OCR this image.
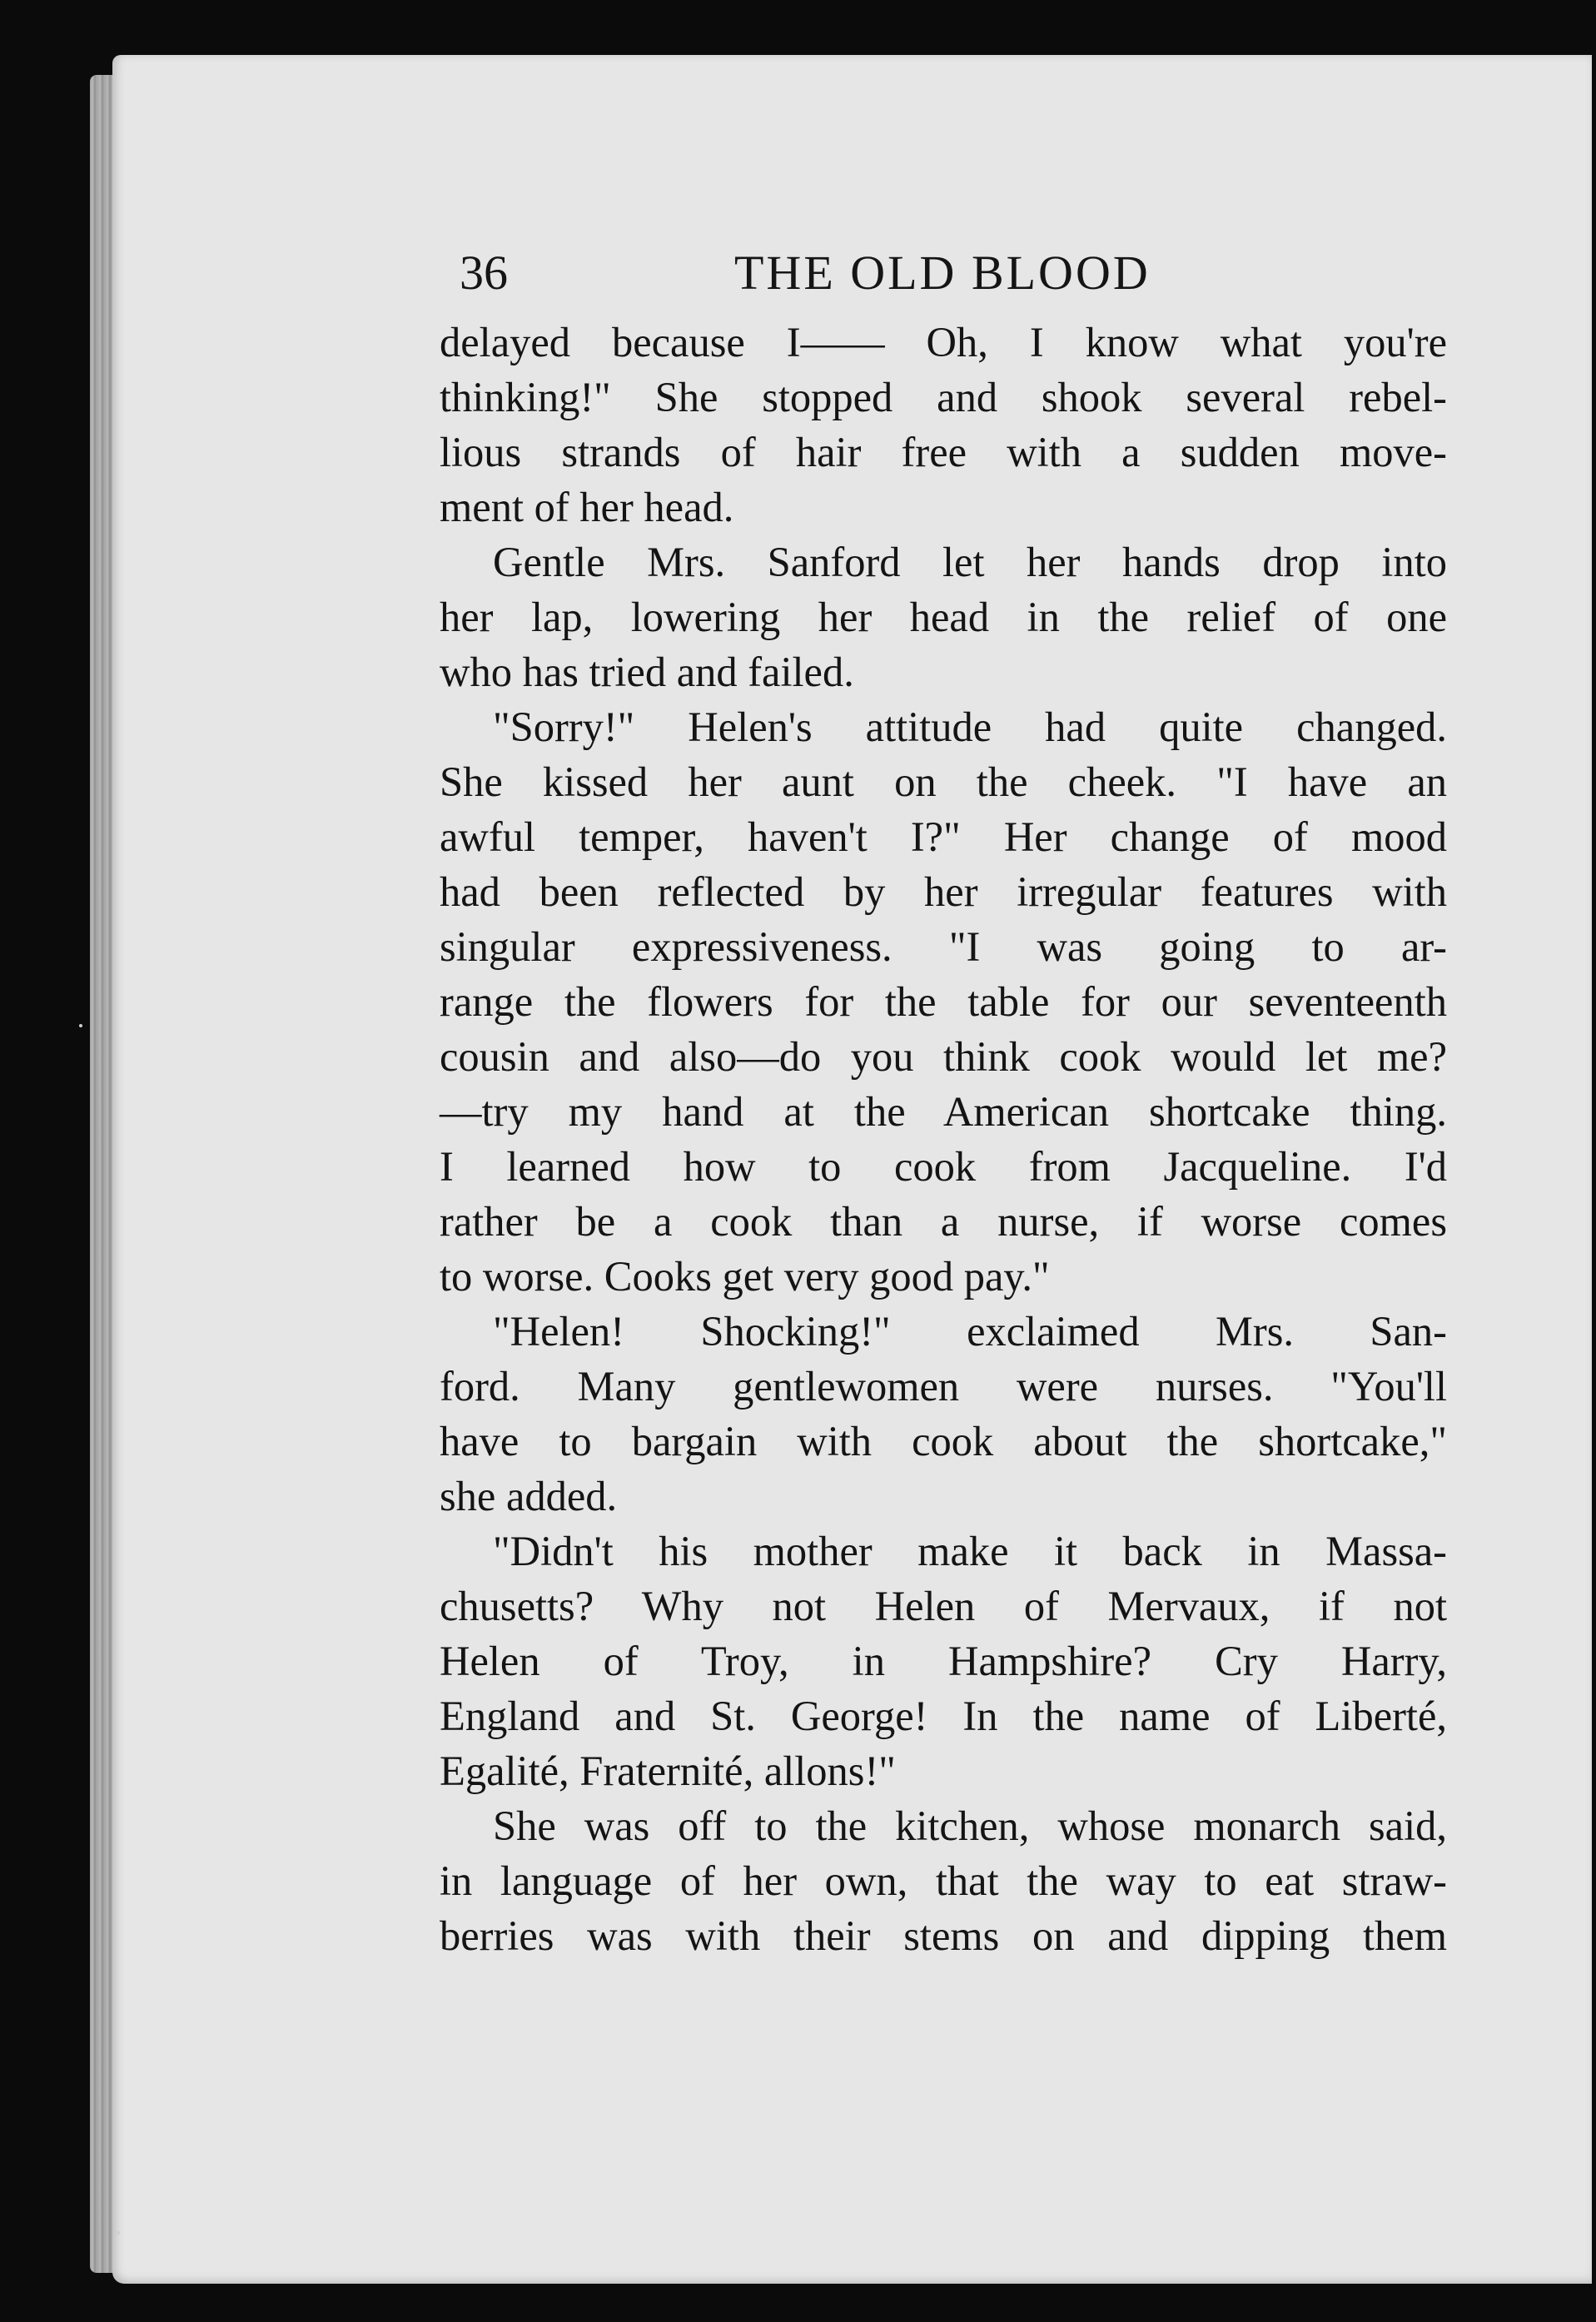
36	THE OLD BLOOD
delayed because I—— Oh, I know what you're
thinking!" She stopped and shook several rebel-
lious strands of hair free with a sudden move-
ment of her head.
Gentle Mrs. Sanford let her hands drop into
her lap, lowering her head in the relief of one
who has tried and failed.
"Sorry!" Helen's attitude had quite changed.
She kissed her aunt on the cheek. "I have an
awful temper, haven't I?" Her change of mood
had been reflected by her irregular features with
singular expressiveness. "I was going to ar-
range the flowers for the table for our seventeenth
cousin and also—do you think cook would let me?
—try my hand at the American shortcake thing.
I learned how to cook from Jacqueline. I'd
rather be a cook than a nurse, if worse comes
to worse. Cooks get very good pay."
"Helen! Shocking!" exclaimed Mrs. San-
ford. Many gentlewomen were nurses. "You'll
have to bargain with cook about the shortcake,"
she added.
"Didn't his mother make it back in Massa-
chusetts? Why not Helen of Mervaux, if not
Helen of Troy, in Hampshire? Cry Harry,
England and St. George! In the name of Liberté,
Egalité, Fraternité, allons!"
She was off to the kitchen, whose monarch said,
in language of her own, that the way to eat straw-
berries was with their stems on and dipping them
